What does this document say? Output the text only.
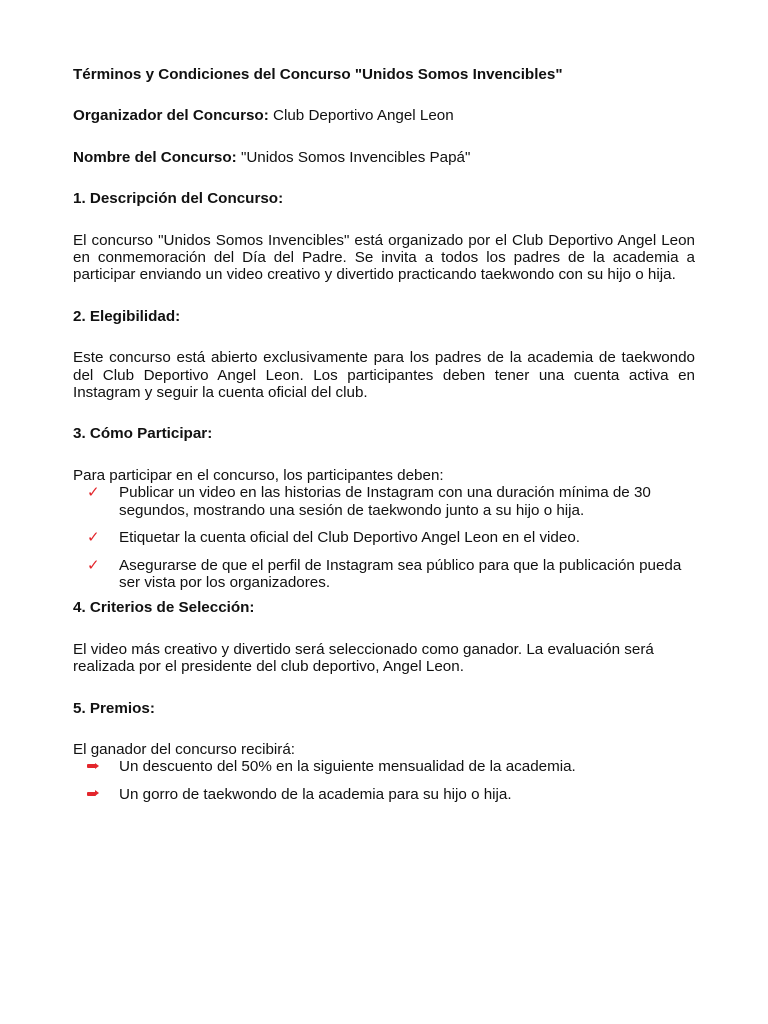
Términos y Condiciones del Concurso "Unidos Somos Invencibles"

Organizador del Concurso: Club Deportivo Angel Leon

Nombre del Concurso: "Unidos Somos Invencibles Papá"

1. Descripción del Concurso:

El concurso "Unidos Somos Invencibles" está organizado por el Club Deportivo Angel Leon en conmemoración del Día del Padre. Se invita a todos los padres de la academia a participar enviando un video creativo y divertido practicando taekwondo con su hijo o hija.

2. Elegibilidad:

Este concurso está abierto exclusivamente para los padres de la academia de taekwondo del Club Deportivo Angel Leon. Los participantes deben tener una cuenta activa en Instagram y seguir la cuenta oficial del club.

3. Cómo Participar:

Para participar en el concurso, los participantes deben:

✓ Publicar un video en las historias de Instagram con una duración mínima de 30 segundos, mostrando una sesión de taekwondo junto a su hijo o hija.
✓ Etiquetar la cuenta oficial del Club Deportivo Angel Leon en el video.
✓ Asegurarse de que el perfil de Instagram sea público para que la publicación pueda ser vista por los organizadores.

4. Criterios de Selección:

El video más creativo y divertido será seleccionado como ganador. La evaluación será realizada por el presidente del club deportivo, Angel Leon.

5. Premios:

El ganador del concurso recibirá:

Un descuento del 50% en la siguiente mensualidad de la academia.
Un gorro de taekwondo de la academia para su hijo o hija.
